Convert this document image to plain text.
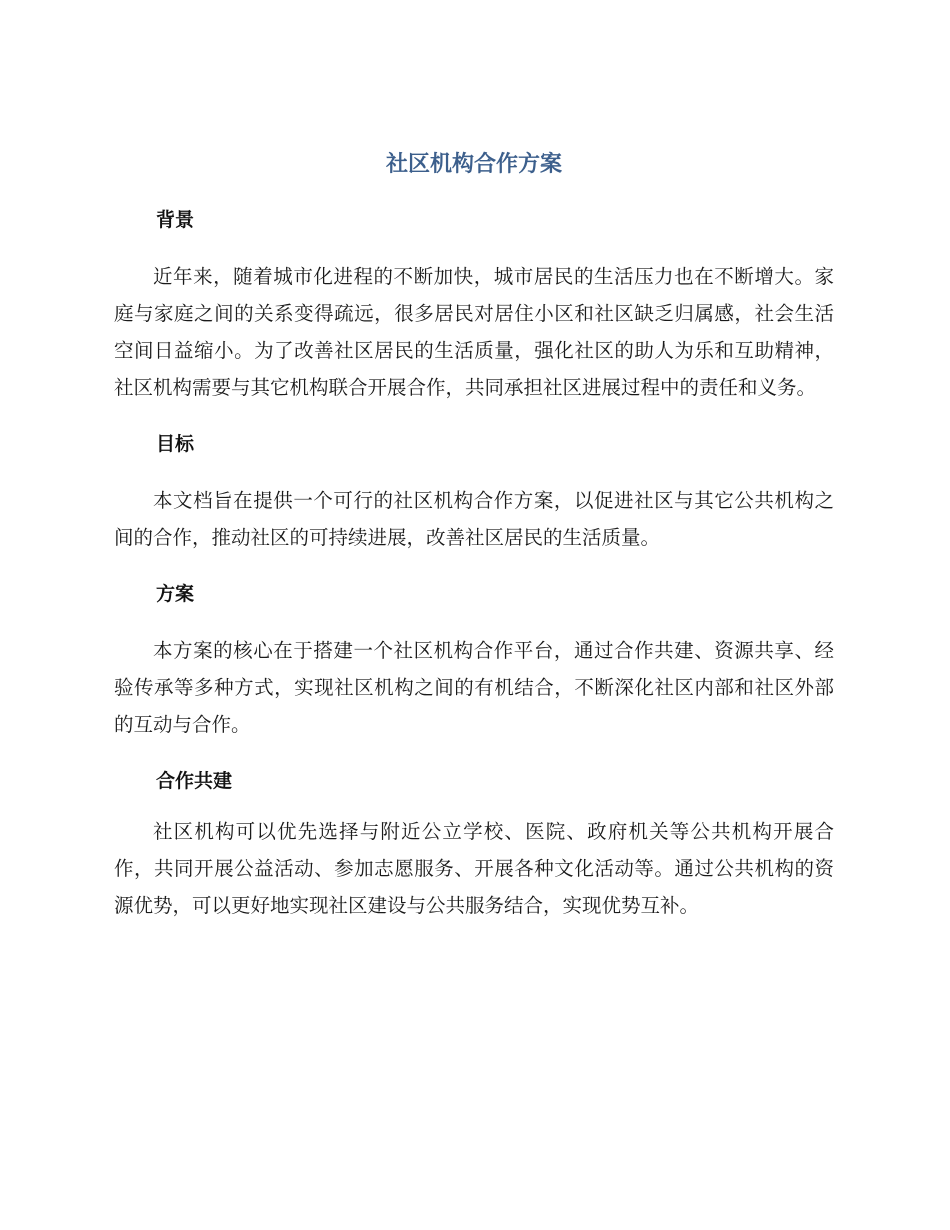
社区机构合作方案
背景

近年来，随着城市化进程的不断加快，城市居民的生活压力也在不断增大。家庭与家庭之间的关系变得疏远，很多居民对居住小区和社区缺乏归属感，社会生活空间日益缩小。为了改善社区居民的生活质量，强化社区的助人为乐和互助精神，社区机构需要与其它机构联合开展合作，共同承担社区进展过程中的责任和义务。

目标

本文档旨在提供一个可行的社区机构合作方案，以促进社区与其它公共机构之间的合作，推动社区的可持续进展，改善社区居民的生活质量。

方案

本方案的核心在于搭建一个社区机构合作平台，通过合作共建、资源共享、经验传承等多种方式，实现社区机构之间的有机结合，不断深化社区内部和社区外部的互动与合作。

合作共建

社区机构可以优先选择与附近公立学校、医院、政府机关等公共机构开展合作，共同开展公益活动、参加志愿服务、开展各种文化活动等。通过公共机构的资源优势，可以更好地实现社区建设与公共服务结合，实现优势互补。
